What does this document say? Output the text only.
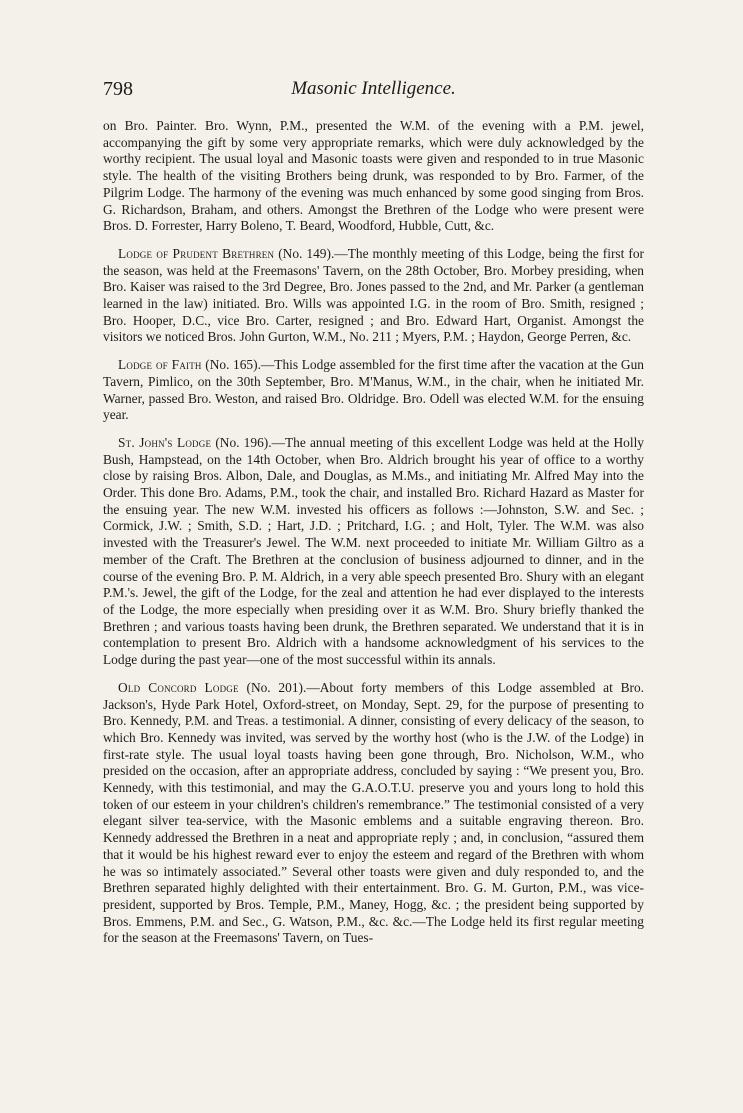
798	Masonic Intelligence.

on Bro. Painter. Bro. Wynn, P.M., presented the W.M. of the evening with a P.M. jewel, accompanying the gift by some very appropriate remarks, which were duly acknowledged by the worthy recipient. The usual loyal and Masonic toasts were given and responded to in true Masonic style. The health of the visiting Brothers being drunk, was responded to by Bro. Farmer, of the Pilgrim Lodge. The harmony of the evening was much enhanced by some good singing from Bros. G. Richardson, Braham, and others. Amongst the Brethren of the Lodge who were present were Bros. D. Forrester, Harry Boleno, T. Beard, Woodford, Hubble, Cutt, &c.

Lodge of Prudent Brethren (No. 149).—The monthly meeting of this Lodge, being the first for the season, was held at the Freemasons' Tavern, on the 28th October, Bro. Morbey presiding, when Bro. Kaiser was raised to the 3rd Degree, Bro. Jones passed to the 2nd, and Mr. Parker (a gentleman learned in the law) initiated. Bro. Wills was appointed I.G. in the room of Bro. Smith, resigned ; Bro. Hooper, D.C., vice Bro. Carter, resigned ; and Bro. Edward Hart, Organist. Amongst the visitors we noticed Bros. John Gurton, W.M., No. 211 ; Myers, P.M. ; Haydon, George Perren, &c.

Lodge of Faith (No. 165).—This Lodge assembled for the first time after the vacation at the Gun Tavern, Pimlico, on the 30th September, Bro. M'Manus, W.M., in the chair, when he initiated Mr. Warner, passed Bro. Weston, and raised Bro. Oldridge. Bro. Odell was elected W.M. for the ensuing year.

St. John's Lodge (No. 196).—The annual meeting of this excellent Lodge was held at the Holly Bush, Hampstead, on the 14th October, when Bro. Aldrich brought his year of office to a worthy close by raising Bros. Albon, Dale, and Douglas, as M.Ms., and initiating Mr. Alfred May into the Order. This done Bro. Adams, P.M., took the chair, and installed Bro. Richard Hazard as Master for the ensuing year. The new W.M. invested his officers as follows :—Johnston, S.W. and Sec. ; Cormick, J.W. ; Smith, S.D. ; Hart, J.D. ; Pritchard, I.G. ; and Holt, Tyler. The W.M. was also invested with the Treasurer's Jewel. The W.M. next proceeded to initiate Mr. William Giltro as a member of the Craft. The Brethren at the conclusion of business adjourned to dinner, and in the course of the evening Bro. P. M. Aldrich, in a very able speech presented Bro. Shury with an elegant P.M.'s. Jewel, the gift of the Lodge, for the zeal and attention he had ever displayed to the interests of the Lodge, the more especially when presiding over it as W.M. Bro. Shury briefly thanked the Brethren ; and various toasts having been drunk, the Brethren separated. We understand that it is in contemplation to present Bro. Aldrich with a handsome acknowledgment of his services to the Lodge during the past year—one of the most successful within its annals.

Old Concord Lodge (No. 201).—About forty members of this Lodge assembled at Bro. Jackson's, Hyde Park Hotel, Oxford-street, on Monday, Sept. 29, for the purpose of presenting to Bro. Kennedy, P.M. and Treas. a testimonial. A dinner, consisting of every delicacy of the season, to which Bro. Kennedy was invited, was served by the worthy host (who is the J.W. of the Lodge) in first-rate style. The usual loyal toasts having been gone through, Bro. Nicholson, W.M., who presided on the occasion, after an appropriate address, concluded by saying : “We present you, Bro. Kennedy, with this testimonial, and may the G.A.O.T.U. preserve you and yours long to hold this token of our esteem in your children's children's remembrance.” The testimonial consisted of a very elegant silver tea-service, with the Masonic emblems and a suitable engraving thereon. Bro. Kennedy addressed the Brethren in a neat and appropriate reply ; and, in conclusion, “assured them that it would be his highest reward ever to enjoy the esteem and regard of the Brethren with whom he was so intimately associated.” Several other toasts were given and duly responded to, and the Brethren separated highly delighted with their entertainment. Bro. G. M. Gurton, P.M., was vice-president, supported by Bros. Temple, P.M., Maney, Hogg, &c. ; the president being supported by Bros. Emmens, P.M. and Sec., G. Watson, P.M., &c. &c.—The Lodge held its first regular meeting for the season at the Freemasons' Tavern, on Tues-
